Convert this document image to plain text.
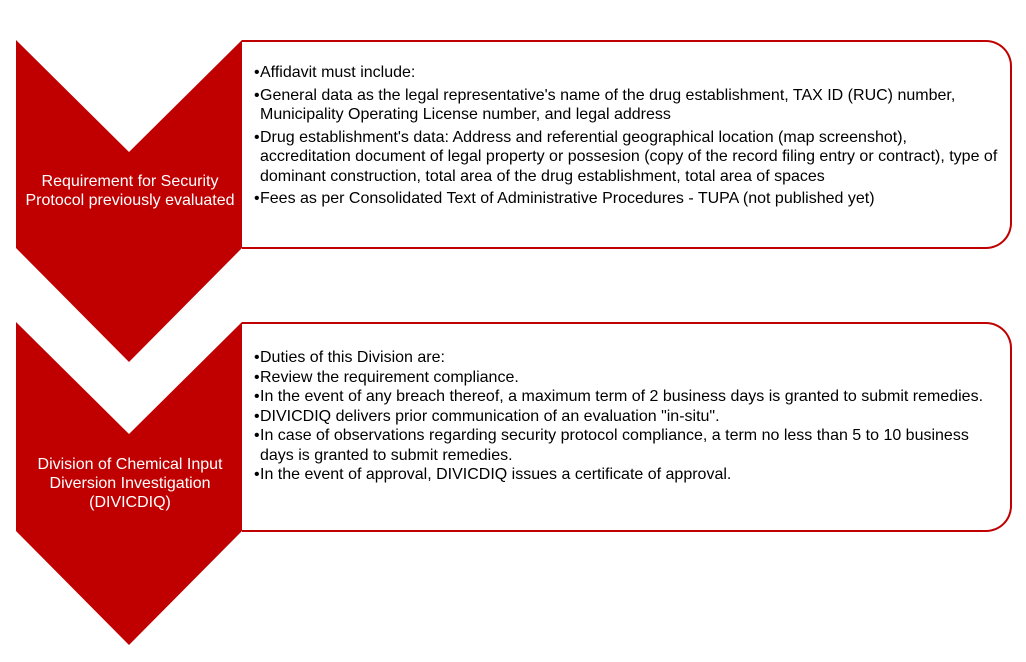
Requirement for Security Protocol previously evaluated
• Affidavit must include:
• General data as the legal representative's name of the drug establishment, TAX ID (RUC) number, Municipality Operating License number, and legal address
• Drug establishment's data: Address and referential geographical location (map screenshot), accreditation document of legal property or possesion (copy of the record filing entry or contract), type of dominant construction, total area of the drug establishment, total area of spaces
• Fees as per Consolidated Text of Administrative Procedures - TUPA (not published yet)
Division of Chemical Input Diversion Investigation (DIVICDIQ)
• Duties of this Division are:
• Review the requirement compliance.
• In the event of any breach thereof, a maximum term of 2 business days is granted to submit remedies.
• DIVICDIQ delivers prior communication of an evaluation "in-situ".
• In case of observations regarding security protocol compliance, a term no less than 5 to 10 business days is granted to submit remedies.
• In the event of approval, DIVICDIQ issues a certificate of approval.
